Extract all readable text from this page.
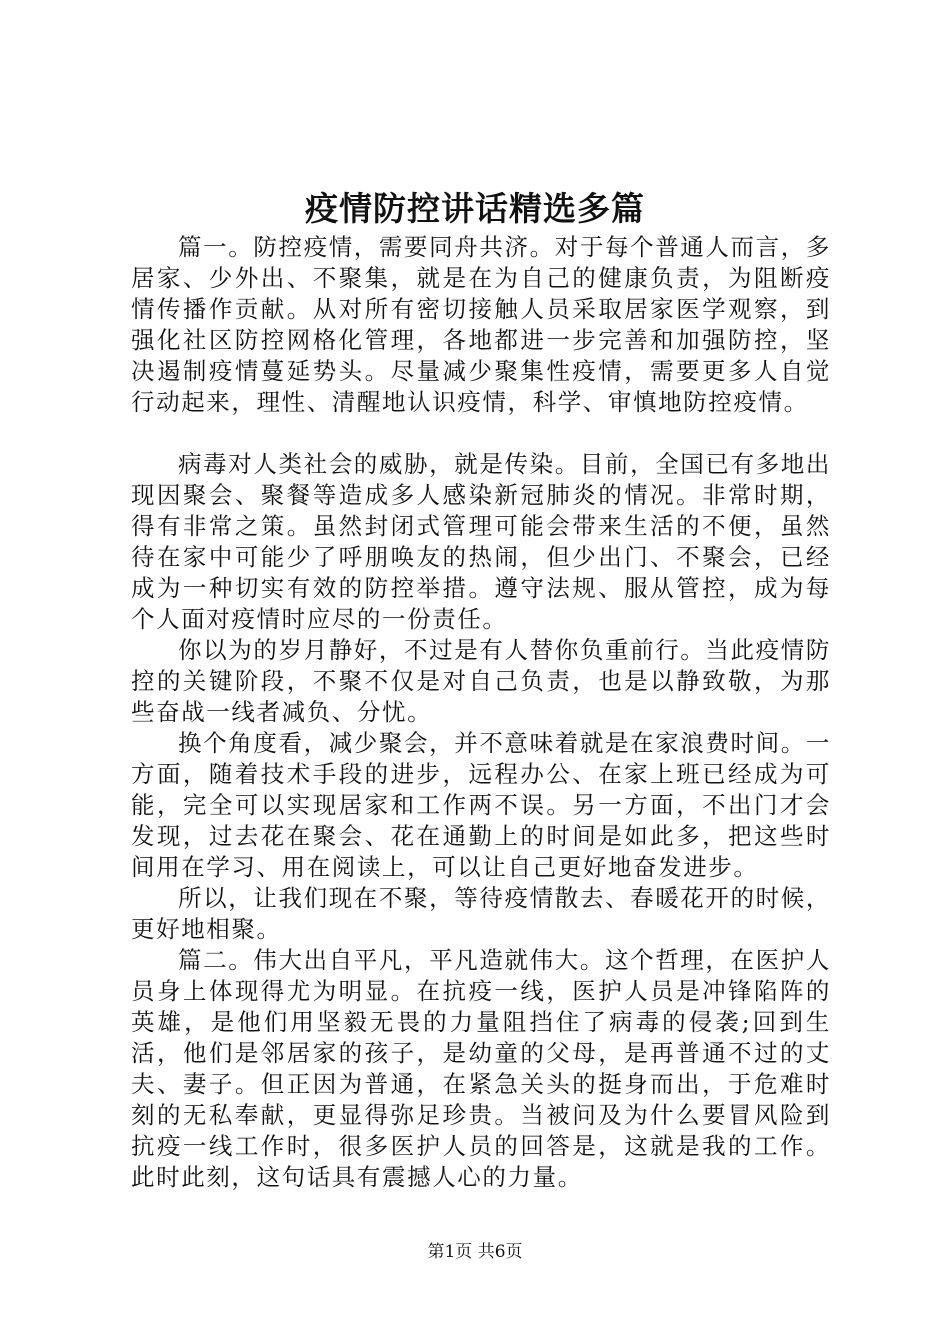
疫情防控讲话精选多篇

篇一。防控疫情，需要同舟共济。对于每个普通人而言，多居家、少外出、不聚集，就是在为自己的健康负责，为阻断疫情传播作贡献。从对所有密切接触人员采取居家医学观察，到强化社区防控网格化管理，各地都进一步完善和加强防控，坚决遏制疫情蔓延势头。尽量减少聚集性疫情，需要更多人自觉行动起来，理性、清醒地认识疫情，科学、审慎地防控疫情。

病毒对人类社会的威胁，就是传染。目前，全国已有多地出现因聚会、聚餐等造成多人感染新冠肺炎的情况。非常时期，得有非常之策。虽然封闭式管理可能会带来生活的不便，虽然待在家中可能少了呼朋唤友的热闹，但少出门、不聚会，已经成为一种切实有效的防控举措。遵守法规、服从管控，成为每个人面对疫情时应尽的一份责任。

你以为的岁月静好，不过是有人替你负重前行。当此疫情防控的关键阶段，不聚不仅是对自己负责，也是以静致敬，为那些奋战一线者减负、分忧。

换个角度看，减少聚会，并不意味着就是在家浪费时间。一方面，随着技术手段的进步，远程办公、在家上班已经成为可能，完全可以实现居家和工作两不误。另一方面，不出门才会发现，过去花在聚会、花在通勤上的时间是如此多，把这些时间用在学习、用在阅读上，可以让自己更好地奋发进步。

所以，让我们现在不聚，等待疫情散去、春暖花开的时候，更好地相聚。

篇二。伟大出自平凡，平凡造就伟大。这个哲理，在医护人员身上体现得尤为明显。在抗疫一线，医护人员是冲锋陷阵的英雄，是他们用坚毅无畏的力量阻挡住了病毒的侵袭;回到生活，他们是邻居家的孩子，是幼童的父母，是再普通不过的丈夫、妻子。但正因为普通，在紧急关头的挺身而出，于危难时刻的无私奉献，更显得弥足珍贵。当被问及为什么要冒风险到抗疫一线工作时，很多医护人员的回答是，这就是我的工作。此时此刻，这句话具有震撼人心的力量。

第1页 共6页
